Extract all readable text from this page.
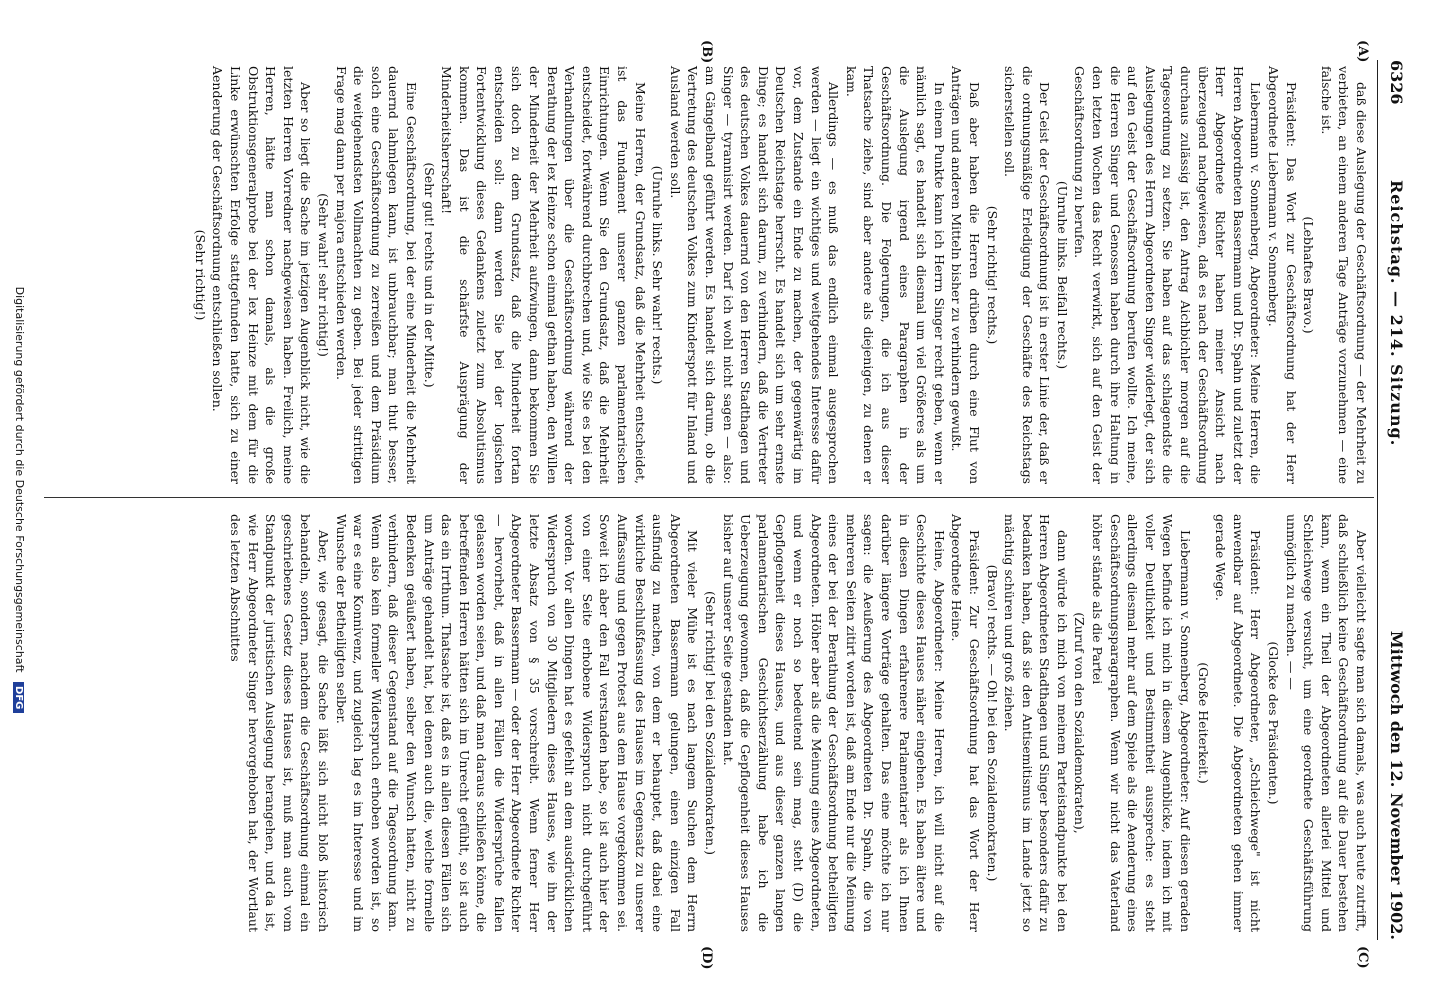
6326
Reichstag. — 214. Sitzung.
Mittwoch den 12. November 1902.
(A)
(B)
(C)
(D)

daß diese Auslegung der Geschäftsordnung — der Mehrheit zu verbieten, an einem anderen Tage Anträge vorzunehmen — eine falsche ist.

(Lebhaftes Bravo.)

Präsident: Das Wort zur Geschäftsordnung hat der Herr Abgeordnete Liebermann v. Sonnenberg.

Liebermann v. Sonnenberg, Abgeordneter: Meine Herren, die Herren Abgeordneten Bassermann und Dr. Spahn und zuletzt der Herr Abgeordnete Richter haben meiner Ansicht nach überzeugend nachgewiesen, daß es nach der Geschäftsordnung durchaus zulässig ist, den Antrag Aichbichler morgen auf die Tagesordnung zu setzen. Sie haben auf das schlagendste die Auslegungen des Herrn Abgeordneten Singer widerlegt, der sich auf den Geist der Geschäftsordnung berufen wollte. Ich meine, die Herren Singer und Genossen haben durch ihre Haltung in den letzten Wochen das Recht verwirkt, sich auf den Geist der Geschäftsordnung zu berufen.

(Unruhe links. Beifall rechts.)

Der Geist der Geschäftsordnung ist in erster Linie der, daß er die ordnungsmäßige Erledigung der Geschäfte des Reichstags sicherstellen soll.

(Sehr richtig! rechts.)

Daß aber haben die Herren drüben durch eine Flut von Anträgen und anderen Mitteln bisher zu verhindern gewußt.

In einem Punkte kann ich Herrn Singer recht geben, wenn er nämlich sagt, es handelt sich diesmal um viel Größeres als um die Auslegung irgend eines Paragraphen in der Geschäftsordnung. Die Folgerungen, die ich aus dieser Thatsache ziehe, sind aber andere als diejenigen, zu denen er kam.

Allerdings — es muß das endlich einmal ausgesprochen werden — liegt ein wichtiges und weitgehendes Interesse dafür vor, dem Zustande ein Ende zu machen, der gegenwärtig im Deutschen Reichstage herrscht. Es handelt sich um sehr ernste Dinge; es handelt sich darum, zu verhindern, daß die Vertreter des deutschen Volkes dauernd von den Herren Stadthagen und Singer — tyrannisirt werden. Darf ich wohl nicht sagen — also: am Gängelband geführt werden. Es handelt sich darum, ob die Vertretung des deutschen Volkes zum Kinderspott für Inland und Ausland werden soll.

(Unruhe links. Sehr wahr! rechts.)

Meine Herren, der Grundsatz, daß die Mehrheit entscheidet, ist das Fundament unserer ganzen parlamentarischen Einrichtungen. Wenn Sie den Grundsatz, daß die Mehrheit entscheidet, fortwährend durchbrechen und, wie Sie es bei den Verhandlungen über die Geschäftsordnung während der Berathung der lex Heinze schon einmal gethan haben, den Willen der Minderheit der Mehrheit aufzwingen, dann bekommen Sie sich doch zu dem Grundsatz, daß die Minderheit fortan entscheiden soll: dann werden Sie bei der logischen Fortentwicklung dieses Gedankens zuletzt zum Absolutismus kommen. Das ist die schärfste Ausprägung der Minderheitsherrschaft!

(Sehr gut! rechts und in der Mitte.)

Eine Geschäftsordnung, bei der eine Minderheit die Mehrheit dauernd lahmlegen kann, ist unbrauchbar; man thut besser, solch eine Geschäftsordnung zu zerreißen und dem Präsidium die weitgehendsten Vollmachten zu geben. Bei jeder strittigen Frage mag dann per majora entschieden werden.

(Sehr wahr! sehr richtig!)

Aber so liegt die Sache im jetzigen Augenblick nicht, wie die letzten Herren Vorredner nachgewiesen haben. Freilich, meine Herren, hätte man schon damals, als die große Obstruktionsgeneralprobe bei der lex Heinze mit dem für die Linke erwünschten Erfolge stattgefunden hatte, sich zu einer Aenderung der Geschäftsordnung entschließen sollen.

(Sehr richtig!)

Aber vielleicht sagte man sich damals, was auch heute zutrifft, daß schließlich keine Geschäftsordnung auf die Dauer bestehen kann, wenn ein Theil der Abgeordneten allerlei Mittel und Schleichwege versucht, um eine geordnete Geschäftsführung unmöglich zu machen. — —

(Glocke des Präsidenten.)

Präsident: Herr Abgeordneter, „Schleichwege" ist nicht anwendbar auf Abgeordnete. Die Abgeordneten gehen immer gerade Wege.

(Große Heiterkeit.)

Liebermann v. Sonnenberg, Abgeordneter: Auf diesen geraden Wegen befinde ich mich in diesem Augenblicke, indem ich mit voller Deutlichkeit und Bestimmtheit ausspreche: es steht allerdings diesmal mehr auf dem Spiele als die Aenderung eines Geschäftsordnungsparagraphen. Wenn wir nicht das Vaterland höher stände als die Partei

(Zuruf von den Sozialdemokraten),

dann würde ich mich von meinem Parteistandpunkte bei den Herren Abgeordneten Stadthagen und Singer besonders dafür zu bedanken haben, daß sie den Antisemitismus im Lande jetzt so mächtig schüren und groß ziehen.

(Bravo! rechts. — Oh! bei den Sozialdemokraten.)

Präsident: Zur Geschäftsordnung hat das Wort der Herr Abgeordnete Heine.

Heine, Abgeordneter: Meine Herren, ich will nicht auf die Geschichte dieses Hauses näher eingehen. Es haben ältere und in diesen Dingen erfahrenere Parlamentarier als ich Ihnen darüber längere Vorträge gehalten. Das eine möchte ich nur sagen: die Aeußerung des Abgeordneten Dr. Spahn, die von mehreren Seiten zitirt worden ist, daß am Ende nur die Meinung eines der bei der Berathung der Geschäftsordnung betheiligten Abgeordneten. Höher aber als die Meinung eines Abgeordneten, und wenn er noch so bedeutend sein mag, steht (D) die Gepflogenheit dieses Hauses, und aus dieser ganzen langen parlamentarischen Geschichtserzählung habe ich die Ueberzeugung gewonnen, daß die Gepflogenheit dieses Hauses bisher auf unserer Seite gestanden hat.

(Sehr richtig! bei den Sozialdemokraten.)

Mit vieler Mühe ist es nach langem Suchen dem Herrn Abgeordneten Bassermann gelungen, einen einzigen Fall ausfindig zu machen, von dem er behauptet, daß dabei eine wirkliche Beschlußfassung des Hauses im Gegensatz zu unserer Auffassung und gegen Protest aus dem Hause vorgekommen sei. Soweit ich aber den Fall verstanden habe, so ist auch hier der von einer Seite erhobene Widerspruch nicht durchgeführt worden. Vor allen Dingen hat es gefehlt an dem ausdrücklichen Widerspruch von 30 Mitgliedern dieses Hauses, wie ihn der letzte Absatz von § 35 vorschreibt. Wenn ferner Herr Abgeordneter Bassermann — oder der Herr Abgeordnete Richter — hervorhebt, daß in allen Fällen die Widersprüche fallen gelassen worden seien, und daß man daraus schließen könne, die betreffenden Herren hätten sich im Unrecht gefühlt, so ist auch das ein Irrthum. Thatsache ist, daß es in allen diesen Fällen sich um Anträge gehandelt hat, bei denen auch die, welche formelle Bedenken geäußert haben, selber den Wunsch hatten, nicht zu verhindern, daß dieser Gegenstand auf die Tagesordnung kam. Wenn also kein formeller Widerspruch erhoben worden ist, so war es eine Konnivenz, und zugleich lag es im Interesse und im Wunsche der Betheiligten selber.

Aber, wie gesagt, die Sache läßt sich nicht bloß historisch behandeln, sondern, nachdem die Geschäftsordnung einmal ein geschriebenes Gesetz dieses Hauses ist, muß man auch vom Standpunkt der juristischen Auslegung herangehen, und da ist, wie Herr Abgeordneter Singer hervorgehoben hat, der Wortlaut des letzten Abschnittes

Digitalisierung gefördert durch die Deutsche Forschungsgemeinschaft DFG
